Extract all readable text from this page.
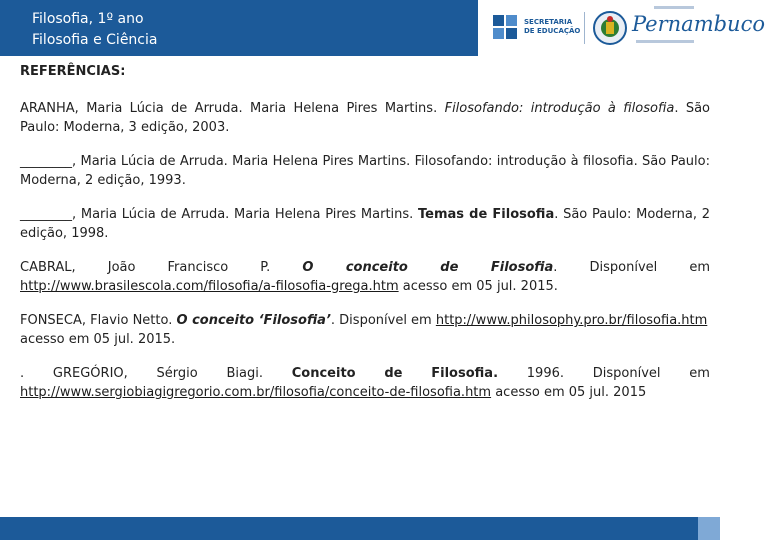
Filosofia, 1º ano
Filosofia e Ciência
SECRETARIA
DE EDUCAÇÃO Pernambuco
REFERÊNCIAS:
ARANHA, Maria Lúcia de Arruda. Maria Helena Pires Martins. Filosofando: introdução à filosofia. São Paulo: Moderna, 3 edição, 2003.
________, Maria Lúcia de Arruda. Maria Helena Pires Martins. Filosofando: introdução à filosofia. São Paulo: Moderna, 2 edição, 1993.
________, Maria Lúcia de Arruda. Maria Helena Pires Martins. Temas de Filosofia. São Paulo: Moderna, 2 edição, 1998.
CABRAL, João Francisco P. O conceito de Filosofia. Disponível em http://www.brasilescola.com/filosofia/a-filosofia-grega.htm acesso em 05 jul. 2015.
FONSECA, Flavio Netto. O conceito ‘Filosofia’. Disponível em http://www.philosophy.pro.br/filosofia.htm
acesso em 05 jul. 2015.
. GREGÓRIO, Sérgio Biagi. Conceito de Filosofia. 1996. Disponível em
http://www.sergiobiagigregorio.com.br/filosofia/conceito-de-filosofia.htm acesso em 05 jul. 2015
